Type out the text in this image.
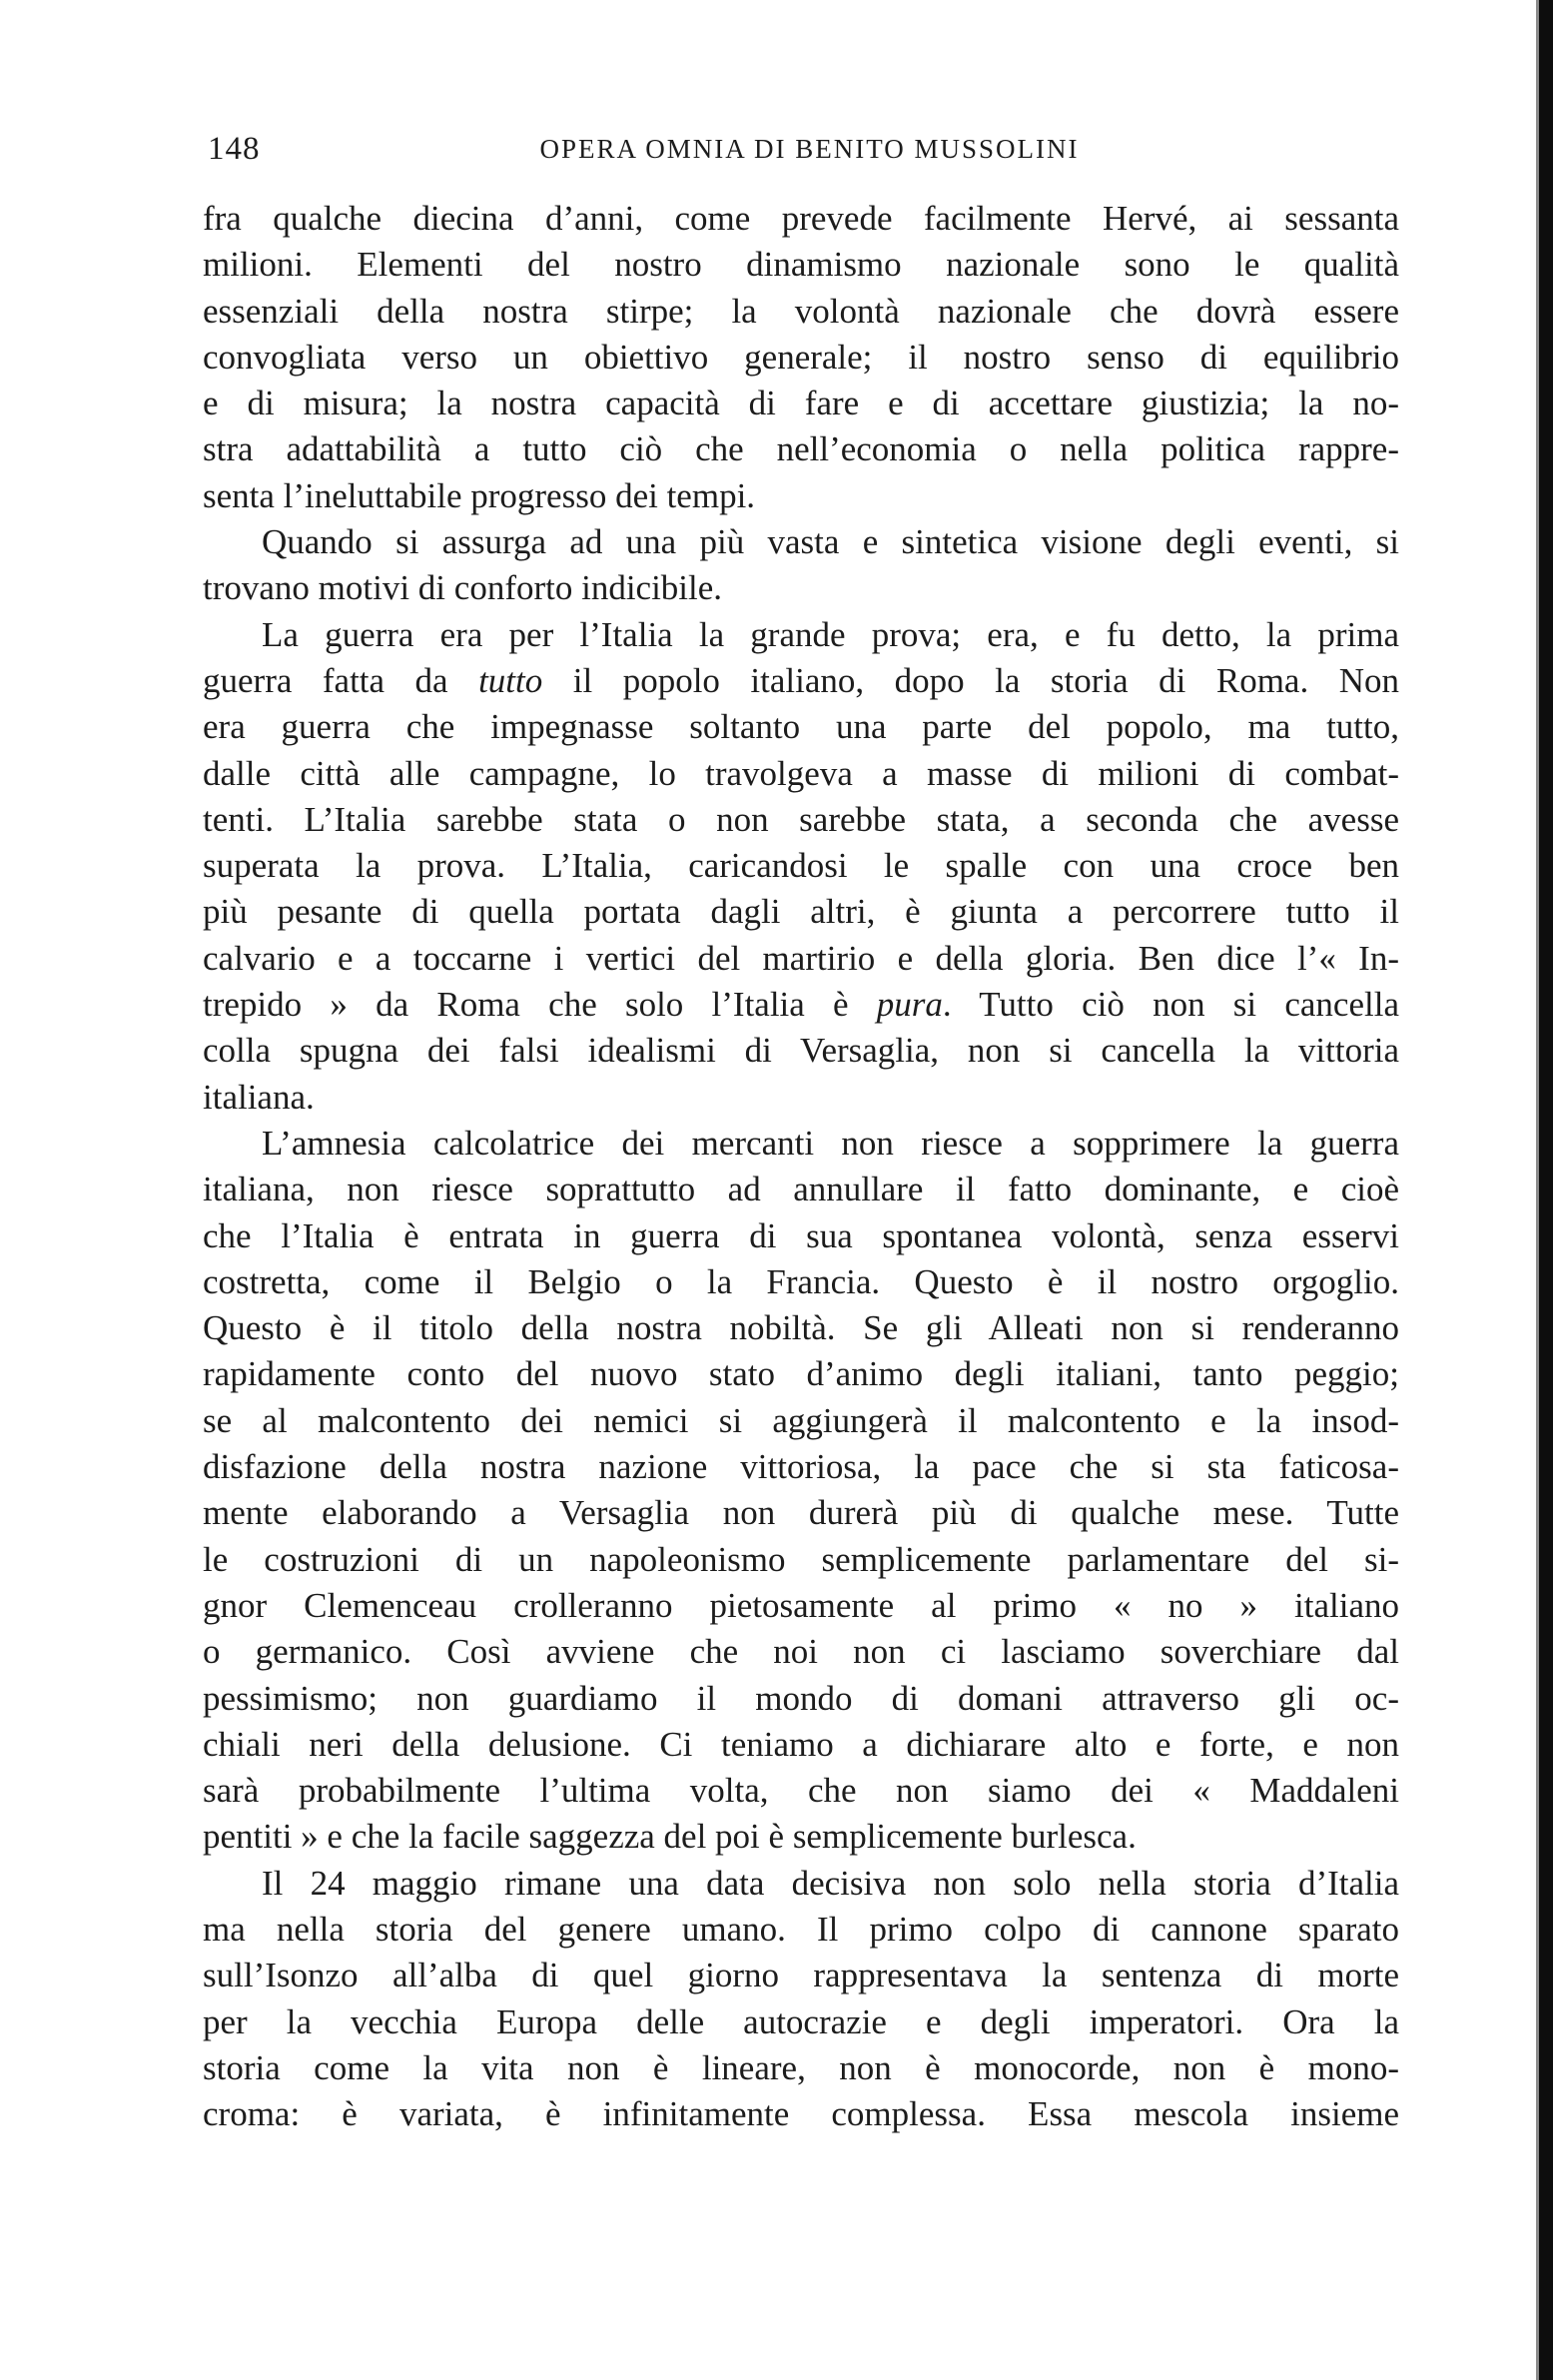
148	OPERA OMNIA DI BENITO MUSSOLINI
fra qualche diecina d’anni, come prevede facilmente Hervé, ai sessanta
milioni. Elementi del nostro dinamismo nazionale sono le qualità
essenziali della nostra stirpe; la volontà nazionale che dovrà essere
convogliata verso un obiettivo generale; il nostro senso di equilibrio
e di misura; la nostra capacità di fare e di accettare giustizia; la no-
stra adattabilità a tutto ciò che nell’economia o nella politica rappre-
senta l’ineluttabile progresso dei tempi.
Quando si assurga ad una più vasta e sintetica visione degli eventi, si
trovano motivi di conforto indicibile.
La guerra era per l’Italia la grande prova; era, e fu detto, la prima
guerra fatta da tutto il popolo italiano, dopo la storia di Roma. Non
era guerra che impegnasse soltanto una parte del popolo, ma tutto,
dalle città alle campagne, lo travolgeva a masse di milioni di combat-
tenti. L’Italia sarebbe stata o non sarebbe stata, a seconda che avesse
superata la prova. L’Italia, caricandosi le spalle con una croce ben
più pesante di quella portata dagli altri, è giunta a percorrere tutto il
calvario e a toccarne i vertici del martirio e della gloria. Ben dice l’« In-
trepido » da Roma che solo l’Italia è pura. Tutto ciò non si cancella
colla spugna dei falsi idealismi di Versaglia, non si cancella la vittoria
italiana.
L’amnesia calcolatrice dei mercanti non riesce a sopprimere la guerra
italiana, non riesce soprattutto ad annullare il fatto dominante, e cioè
che l’Italia è entrata in guerra di sua spontanea volontà, senza esservi
costretta, come il Belgio o la Francia. Questo è il nostro orgoglio.
Questo è il titolo della nostra nobiltà. Se gli Alleati non si renderanno
rapidamente conto del nuovo stato d’animo degli italiani, tanto peggio;
se al malcontento dei nemici si aggiungerà il malcontento e la insod-
disfazione della nostra nazione vittoriosa, la pace che si sta faticosa-
mente elaborando a Versaglia non durerà più di qualche mese. Tutte
le costruzioni di un napoleonismo semplicemente parlamentare del si-
gnor Clemenceau crolleranno pietosamente al primo « no » italiano
o germanico. Così avviene che noi non ci lasciamo soverchiare dal
pessimismo; non guardiamo il mondo di domani attraverso gli oc-
chiali neri della delusione. Ci teniamo a dichiarare alto e forte, e non
sarà probabilmente l’ultima volta, che non siamo dei « Maddaleni
pentiti » e che la facile saggezza del poi è semplicemente burlesca.
Il 24 maggio rimane una data decisiva non solo nella storia d’Italia
ma nella storia del genere umano. Il primo colpo di cannone sparato
sull’Isonzo all’alba di quel giorno rappresentava la sentenza di morte
per la vecchia Europa delle autocrazie e degli imperatori. Ora la
storia come la vita non è lineare, non è monocorde, non è mono-
croma: è variata, è infinitamente complessa. Essa mescola insieme
